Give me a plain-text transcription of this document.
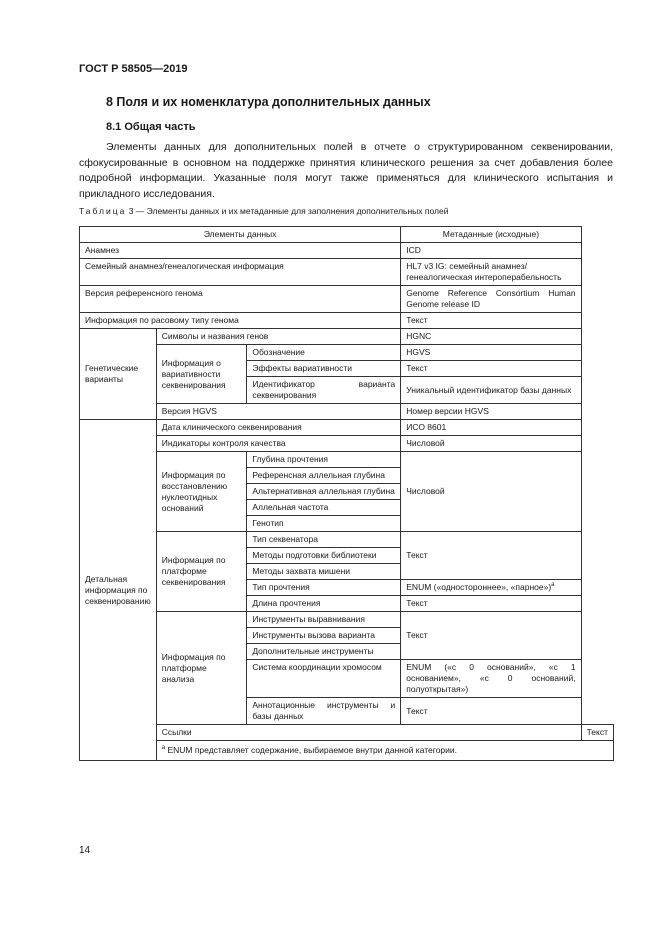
ГОСТ Р 58505—2019
8 Поля и их номенклатура дополнительных данных
8.1 Общая часть

Элементы данных для дополнительных полей в отчете о структурированном секвенировании, сфокусированные в основном на поддержке принятия клинического решения за счет добавления более подробной информации. Указанные поля могут также применяться для клинического испытания и прикладного исследования.

Таблица 3 — Элементы данных и их метаданные для заполнения дополнительных полей
Элементы данных			Метаданные (исходные)	
Анамнез			ICD	
Семейный анамнез/генеалогическая информация			HL7 v3 IG: семейный анамнез/генеалогическая интероперабельность	
Версия референсного генома			Genome Reference Consortium Human Genome release ID	
Информация по расовому типу генома			Текст	
Генетические варианты	Символы и названия генов		HGNC	
	Информация о вариативности секвенирования	Обозначение	HGVS	
		Эффекты вариативности	Текст	
		Идентификатор варианта секвенирования	Уникальный идентификатор базы данных	
	Версия HGVS		Номер версии HGVS	
Детальная информация по секвенированию	Дата клинического секвенирования		ИСО 8601	
	Индикаторы контроля качества		Числовой	
	Информация по восстановлению нуклеотидных оснований	Глубина прочтения	Числовой	
		Референсная аллельная глубина		
		Альтернативная аллельная глубина		
		Аллельная частота		
		Генотип		
	Информация по платформе секвенирования	Тип секвенатора	Текст	
		Методы подготовки библиотеки		
		Методы захвата мишени		
		Тип прочтения	ENUM («одностороннее», «парное»)$^a$
		Длина прочтения	Текст	
	Информация по платформе анализа	Инструменты выравнивания	Текст	
		Инструменты вызова варианта		
		Дополнительные инструменты		
		Система координации хромосом	ENUM («с 0 оснований», «с 1 основанием», «с 0 оснований, полуоткрытая»)	
		Аннотационные инструменты и базы данных	Текст	
	Ссылки			Текст
	$^a$ ENUM представляет содержание, выбираемое внутри данной категории.			
14
